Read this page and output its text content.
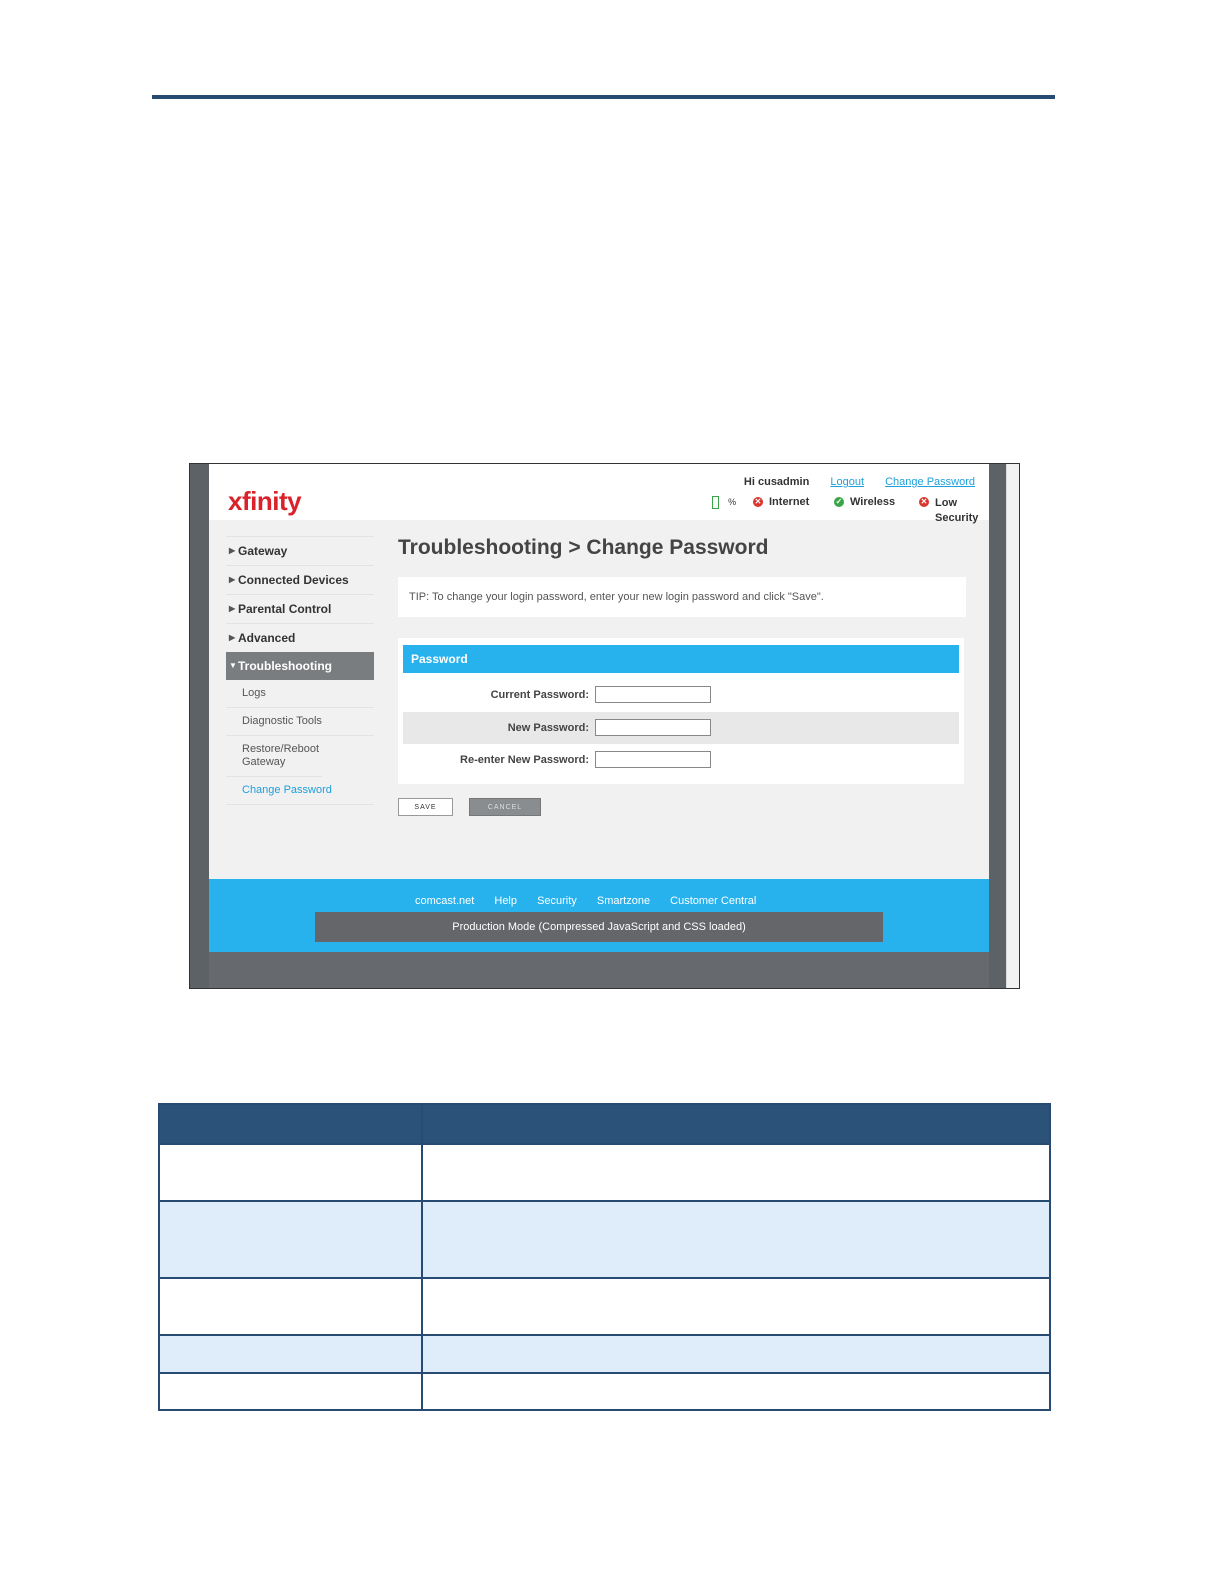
xfinity
Hi cusadmin Logout Change Password
% ✕ Internet	✓ Wireless	✕ Low Security
▶ Gateway
▶ Connected Devices
▶ Parental Control
▶ Advanced
▼ Troubleshooting
Logs
Diagnostic Tools
Restore/Reboot Gateway
Change Password
Troubleshooting > Change Password
TIP: To change your login password, enter your new login password and click "Save".
Password
Current Password:
New Password:
Re-enter New Password:
SAVE	CANCEL
comcast.net Help Security Smartzone Customer Central
Production Mode (Compressed JavaScript and CSS loaded)
